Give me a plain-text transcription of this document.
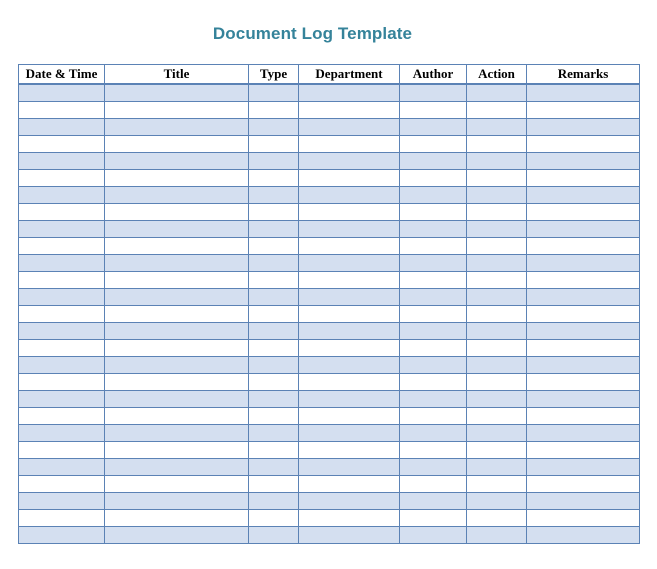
Document Log Template
Date & Time	Title	Type	Department	Author	Action	Remarks
